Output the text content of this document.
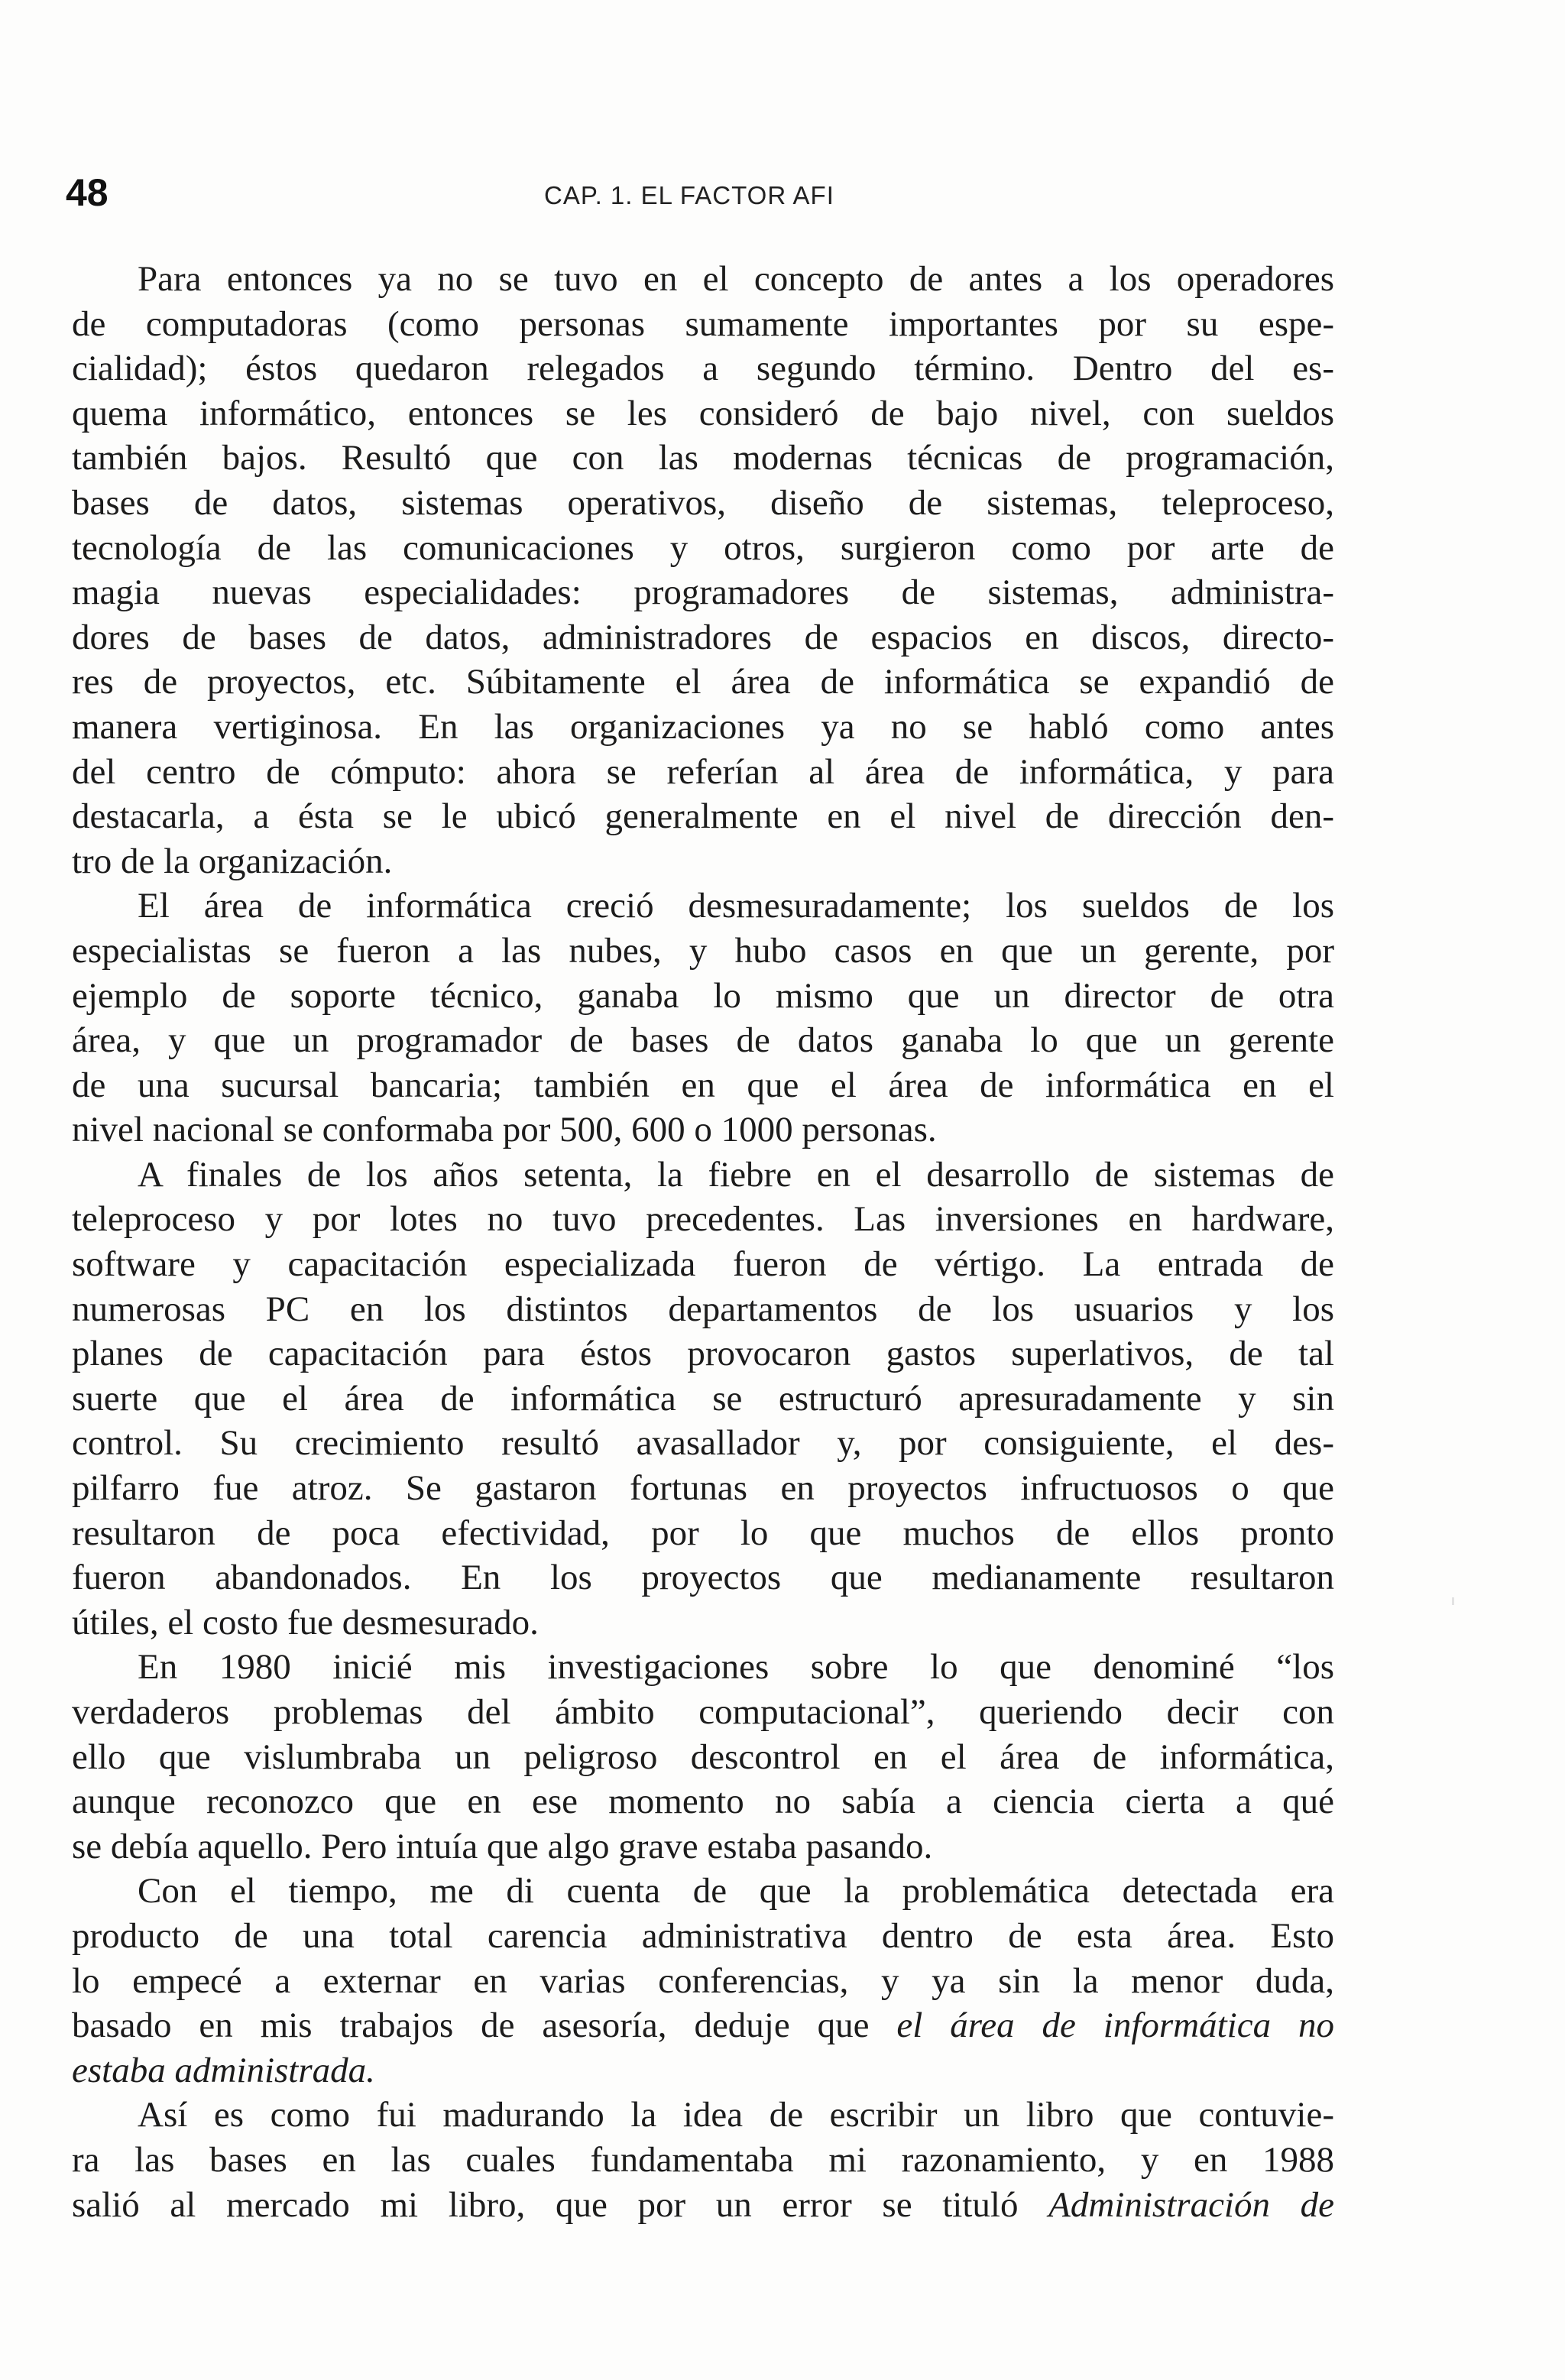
48	CAP. 1. EL FACTOR AFI
Para entonces ya no se tuvo en el concepto de antes a los operadores
de computadoras (como personas sumamente importantes por su espe-
cialidad); éstos quedaron relegados a segundo término. Dentro del es-
quema informático, entonces se les consideró de bajo nivel, con sueldos
también bajos. Resultó que con las modernas técnicas de programación,
bases de datos, sistemas operativos, diseño de sistemas, teleproceso,
tecnología de las comunicaciones y otros, surgieron como por arte de
magia nuevas especialidades: programadores de sistemas, administra-
dores de bases de datos, administradores de espacios en discos, directo-
res de proyectos, etc. Súbitamente el área de informática se expandió de
manera vertiginosa. En las organizaciones ya no se habló como antes
del centro de cómputo: ahora se referían al área de informática, y para
destacarla, a ésta se le ubicó generalmente en el nivel de dirección den-
tro de la organización.
El área de informática creció desmesuradamente; los sueldos de los
especialistas se fueron a las nubes, y hubo casos en que un gerente, por
ejemplo de soporte técnico, ganaba lo mismo que un director de otra
área, y que un programador de bases de datos ganaba lo que un gerente
de una sucursal bancaria; también en que el área de informática en el
nivel nacional se conformaba por 500, 600 o 1000 personas.
A finales de los años setenta, la fiebre en el desarrollo de sistemas de
teleproceso y por lotes no tuvo precedentes. Las inversiones en hardware,
software y capacitación especializada fueron de vértigo. La entrada de
numerosas PC en los distintos departamentos de los usuarios y los
planes de capacitación para éstos provocaron gastos superlativos, de tal
suerte que el área de informática se estructuró apresuradamente y sin
control. Su crecimiento resultó avasallador y, por consiguiente, el des-
pilfarro fue atroz. Se gastaron fortunas en proyectos infructuosos o que
resultaron de poca efectividad, por lo que muchos de ellos pronto
fueron abandonados. En los proyectos que medianamente resultaron
útiles, el costo fue desmesurado.
En 1980 inicié mis investigaciones sobre lo que denominé “los
verdaderos problemas del ámbito computacional”, queriendo decir con
ello que vislumbraba un peligroso descontrol en el área de informática,
aunque reconozco que en ese momento no sabía a ciencia cierta a qué
se debía aquello. Pero intuía que algo grave estaba pasando.
Con el tiempo, me di cuenta de que la problemática detectada era
producto de una total carencia administrativa dentro de esta área. Esto
lo empecé a externar en varias conferencias, y ya sin la menor duda,
basado en mis trabajos de asesoría, deduje que el área de informática no
estaba administrada.
Así es como fui madurando la idea de escribir un libro que contuvie-
ra las bases en las cuales fundamentaba mi razonamiento, y en 1988
salió al mercado mi libro, que por un error se tituló Administración de
